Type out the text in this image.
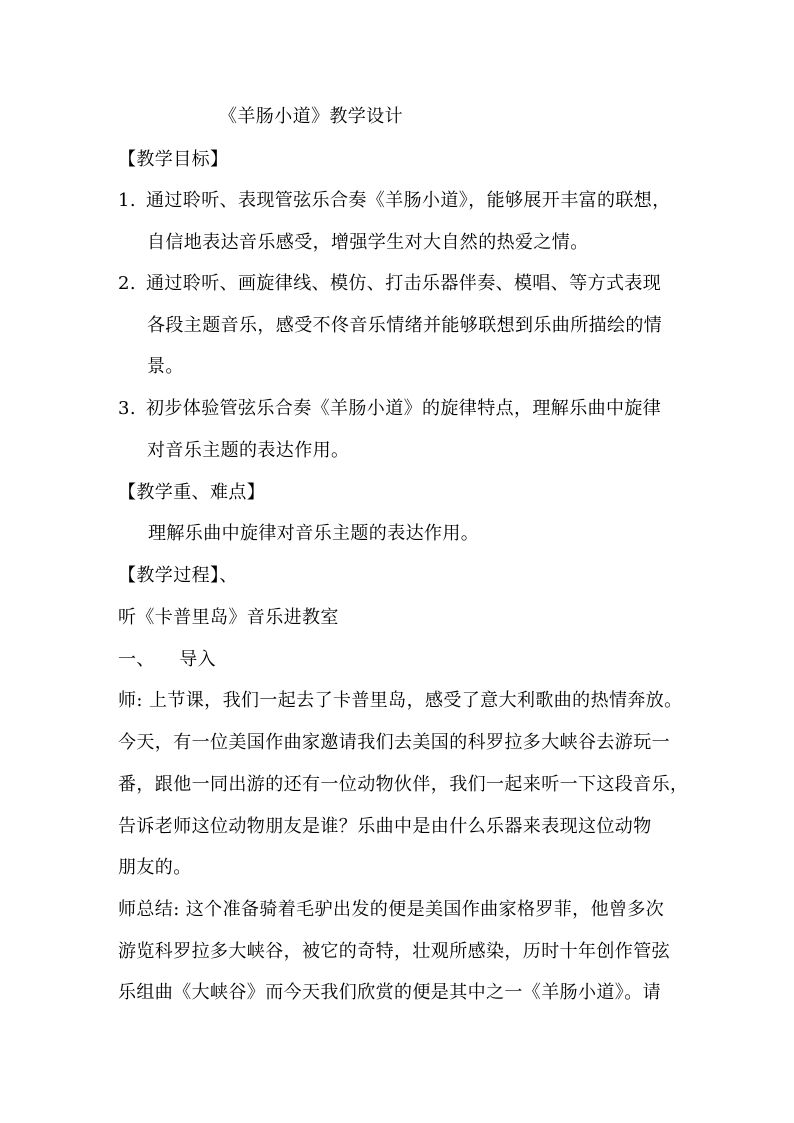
《羊肠小道》教学设计
【教学目标】
1. 通过聆听、表现管弦乐合奏《羊肠小道》，能够展开丰富的联想，
自信地表达音乐感受，增强学生对大自然的热爱之情。
2. 通过聆听、画旋律线、模仿、打击乐器伴奏、模唱、等方式表现
各段主题音乐，感受不佟音乐情绪并能够联想到乐曲所描绘的情
景。
3. 初步体验管弦乐合奏《羊肠小道》的旋律特点，理解乐曲中旋律
对音乐主题的表达作用。
【教学重、难点】
理解乐曲中旋律对音乐主题的表达作用。
【教学过程】、
听《卡普里岛》音乐进教室
一、    导入
师: 上节课，我们一起去了卡普里岛，感受了意大利歌曲的热情奔放。
今天，有一位美国作曲家邀请我们去美国的科罗拉多大峡谷去游玩一
番，跟他一同出游的还有一位动物伙伴，我们一起来听一下这段音乐，
告诉老师这位动物朋友是谁？乐曲中是由什么乐器来表现这位动物
朋友的。
师总结: 这个准备骑着毛驴出发的便是美国作曲家格罗菲，他曾多次
游览科罗拉多大峡谷，被它的奇特，壮观所感染，历时十年创作管弦
乐组曲《大峡谷》而今天我们欣赏的便是其中之一《羊肠小道》。请
